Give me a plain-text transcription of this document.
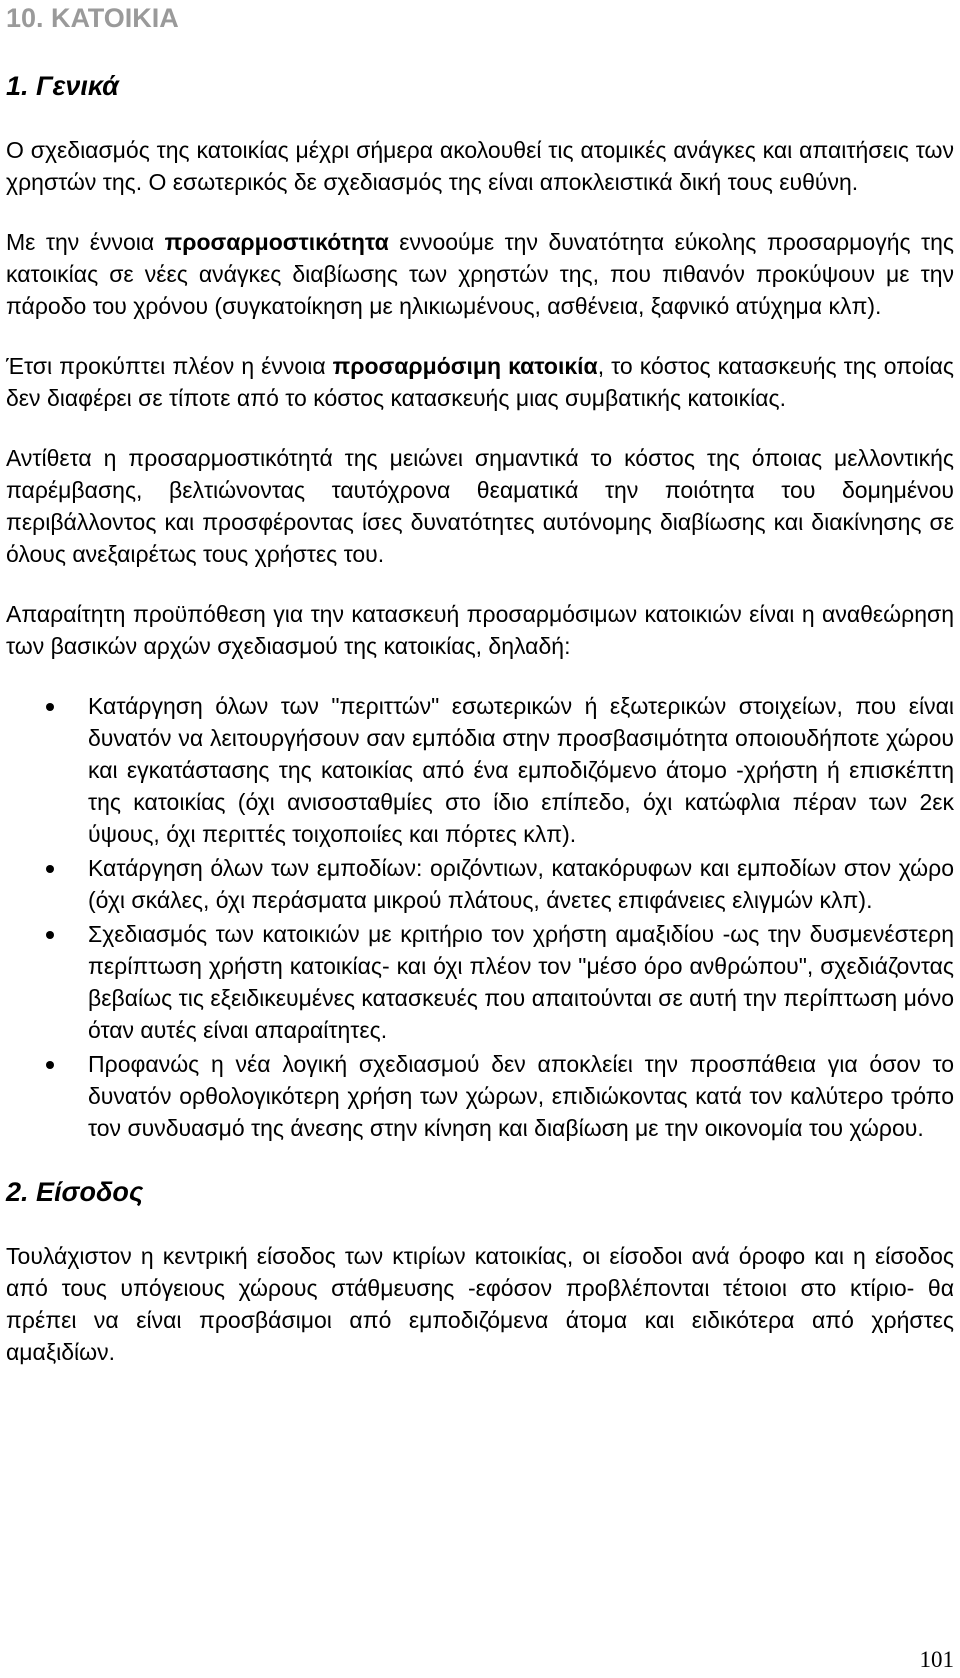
10. ΚΑΤΟΙΚΙΑ
1. Γενικά

Ο σχεδιασμός της κατοικίας μέχρι σήμερα ακολουθεί τις ατομικές ανάγκες και απαιτήσεις των χρηστών της. Ο εσωτερικός δε σχεδιασμός της είναι αποκλειστικά δική τους ευθύνη.

Με την έννοια προσαρμοστικότητα εννοούμε την δυνατότητα εύκολης προσαρμογής της κατοικίας σε νέες ανάγκες διαβίωσης των χρηστών της, που πιθανόν προκύψουν με την πάροδο του χρόνου (συγκατοίκηση με ηλικιωμένους, ασθένεια, ξαφνικό ατύχημα κλπ).

Έτσι προκύπτει πλέον η έννοια προσαρμόσιμη κατοικία, το κόστος κατασκευής της οποίας δεν διαφέρει σε τίποτε από το κόστος κατασκευής μιας συμβατικής κατοικίας.

Αντίθετα η προσαρμοστικότητά της μειώνει σημαντικά το κόστος της όποιας μελλοντικής παρέμβασης, βελτιώνοντας ταυτόχρονα θεαματικά την ποιότητα του δομημένου περιβάλλοντος και προσφέροντας ίσες δυνατότητες αυτόνομης διαβίωσης και διακίνησης σε όλους ανεξαιρέτως τους χρήστες του.

Απαραίτητη προϋπόθεση για την κατασκευή προσαρμόσιμων κατοικιών είναι η αναθεώρηση των βασικών αρχών σχεδιασμού της κατοικίας, δηλαδή:

Κατάργηση όλων των "περιττών" εσωτερικών ή εξωτερικών στοιχείων, που είναι δυνατόν να λειτουργήσουν σαν εμπόδια στην προσβασιμότητα οποιουδήποτε χώρου και εγκατάστασης της κατοικίας από ένα εμποδιζόμενο άτομο -χρήστη ή επισκέπτη της κατοικίας (όχι ανισοσταθμίες στο ίδιο επίπεδο, όχι κατώφλια πέραν των 2εκ ύψους, όχι περιττές τοιχοποιίες και πόρτες κλπ).
Κατάργηση όλων των εμποδίων: οριζόντιων, κατακόρυφων και εμποδίων στον χώρο (όχι σκάλες, όχι περάσματα μικρού πλάτους, άνετες επιφάνειες ελιγμών κλπ).
Σχεδιασμός των κατοικιών με κριτήριο τον χρήστη αμαξιδίου -ως την δυσμενέστερη περίπτωση χρήστη κατοικίας- και όχι πλέον τον "μέσο όρο ανθρώπου", σχεδιάζοντας βεβαίως τις εξειδικευμένες κατασκευές που απαιτούνται σε αυτή την περίπτωση μόνο όταν αυτές είναι απαραίτητες.
Προφανώς η νέα λογική σχεδιασμού δεν αποκλείει την προσπάθεια για όσον το δυνατόν ορθολογικότερη χρήση των χώρων, επιδιώκοντας κατά τον καλύτερο τρόπο τον συνδυασμό της άνεσης στην κίνηση και διαβίωση με την οικονομία του χώρου.
2. Είσοδος

Τουλάχιστον η κεντρική είσοδος των κτιρίων κατοικίας, οι είσοδοι ανά όροφο και η είσοδος από τους υπόγειους χώρους στάθμευσης -εφόσον προβλέπονται τέτοιοι στο κτίριο- θα πρέπει να είναι προσβάσιμοι από εμποδιζόμενα άτομα και ειδικότερα από χρήστες αμαξιδίων.

101
